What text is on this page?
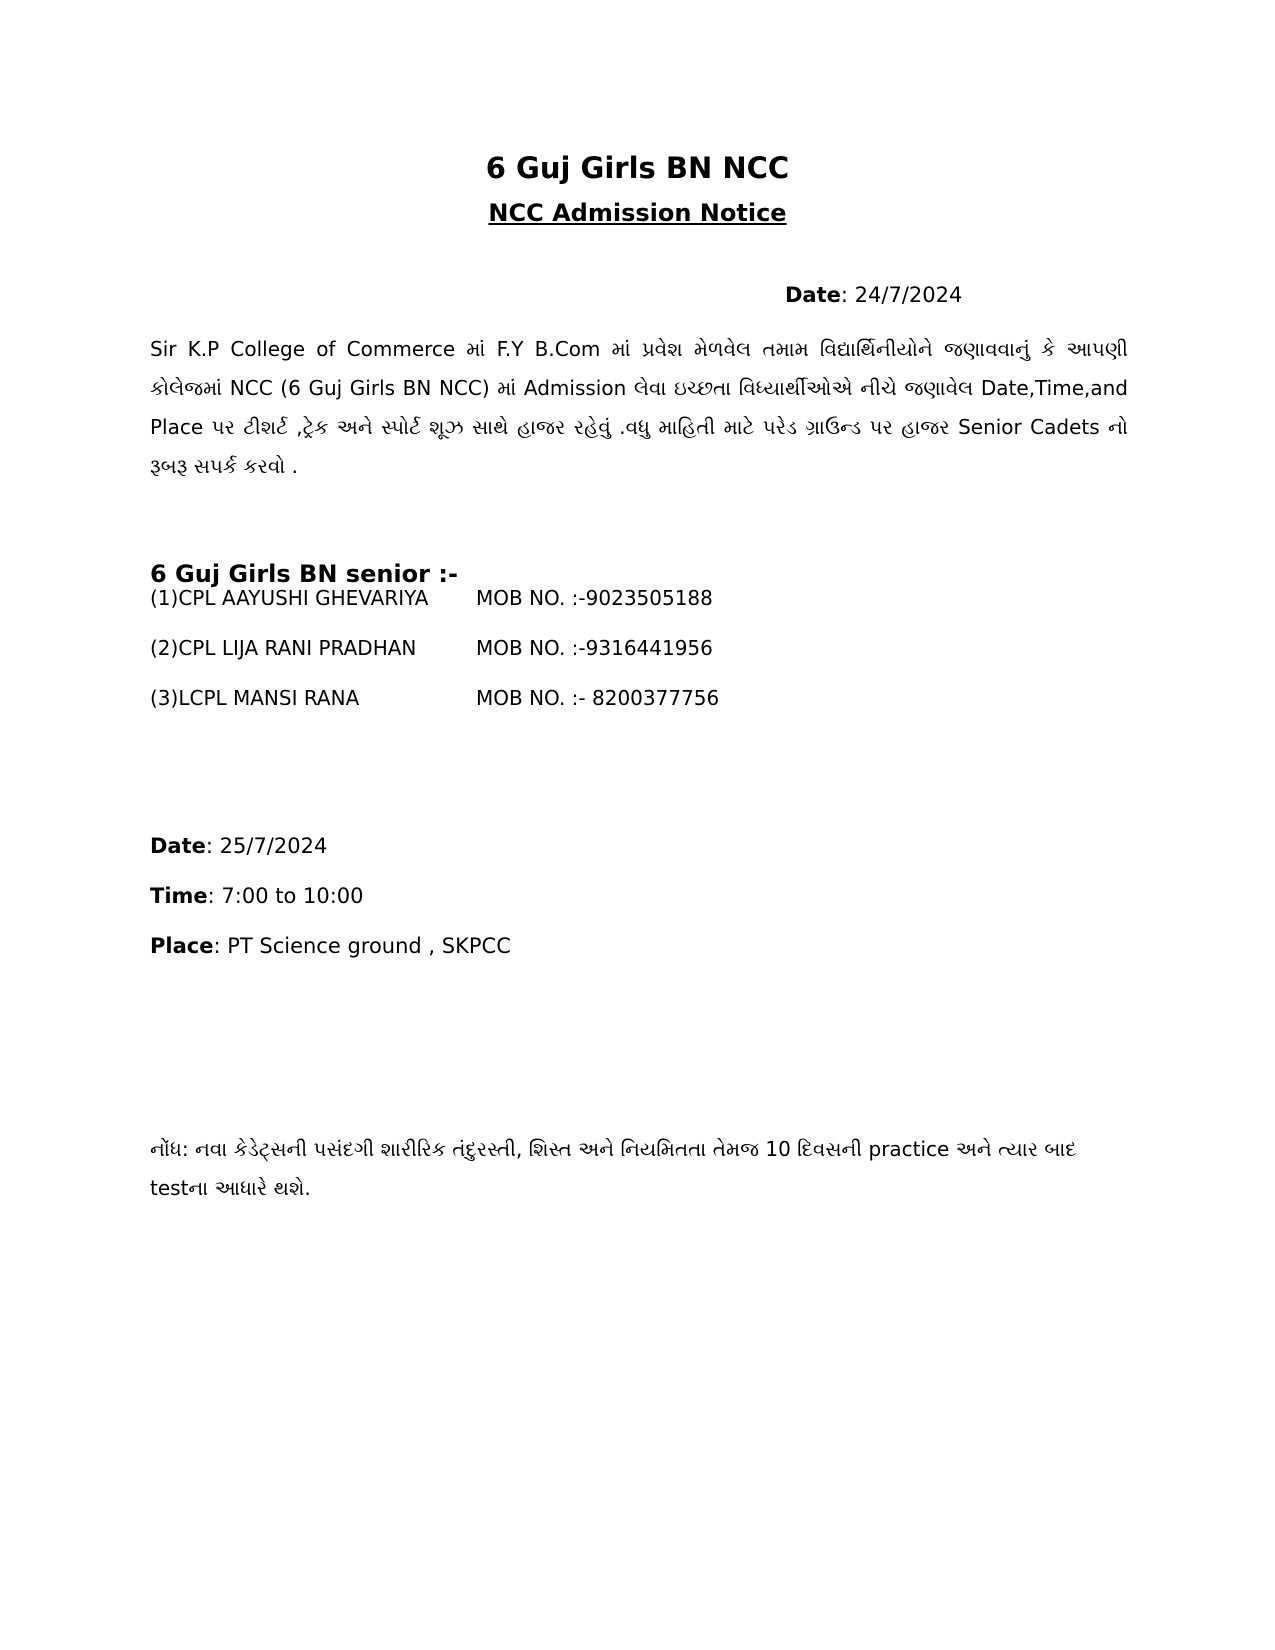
6 Guj Girls BN NCC
NCC Admission Notice
Date: 24/7/2024

Sir K.P College of Commerce માં F.Y B.Com માં પ્રવેશ મેળવેલ તમામ વિદ્યાર્થિનીયોને જણાવવાનું કે આપણી કોલેજમાં NCC (6 Guj Girls BN NCC) માં Admission લેવા ઇચ્છતા વિધ્યાર્થીઓએ નીચે જણાવેલ Date,Time,and Place પર ટીશર્ટ ,ટ્રેક અને સ્પોર્ટ શૂઝ સાથે હાજર રહેવું .વધુ માહિતી માટે પરેડ ગ્રાઉન્ડ પર હાજર Senior Cadets નો રૂબરૂ સપર્ક કરવો .

6 Guj Girls BN senior :-
(1)CPL AAYUSHI GHEVARIYA MOB NO. :-9023505188
(2)CPL LIJA RANI PRADHAN	MOB NO. :-9316441956
(3)LCPL MANSI RANA	MOB NO. :- 8200377756
Date: 25/7/2024
Time: 7:00 to 10:00
Place: PT Science ground , SKPCC

નોંધ: નવા કેડેટ્સની પસંદગી શારીરિક તંદુરસ્તી, શિસ્ત અને નિયમિતતા તેમજ 10 દિવસની practice અને ત્યાર બાદ testના આધારે થશે.
